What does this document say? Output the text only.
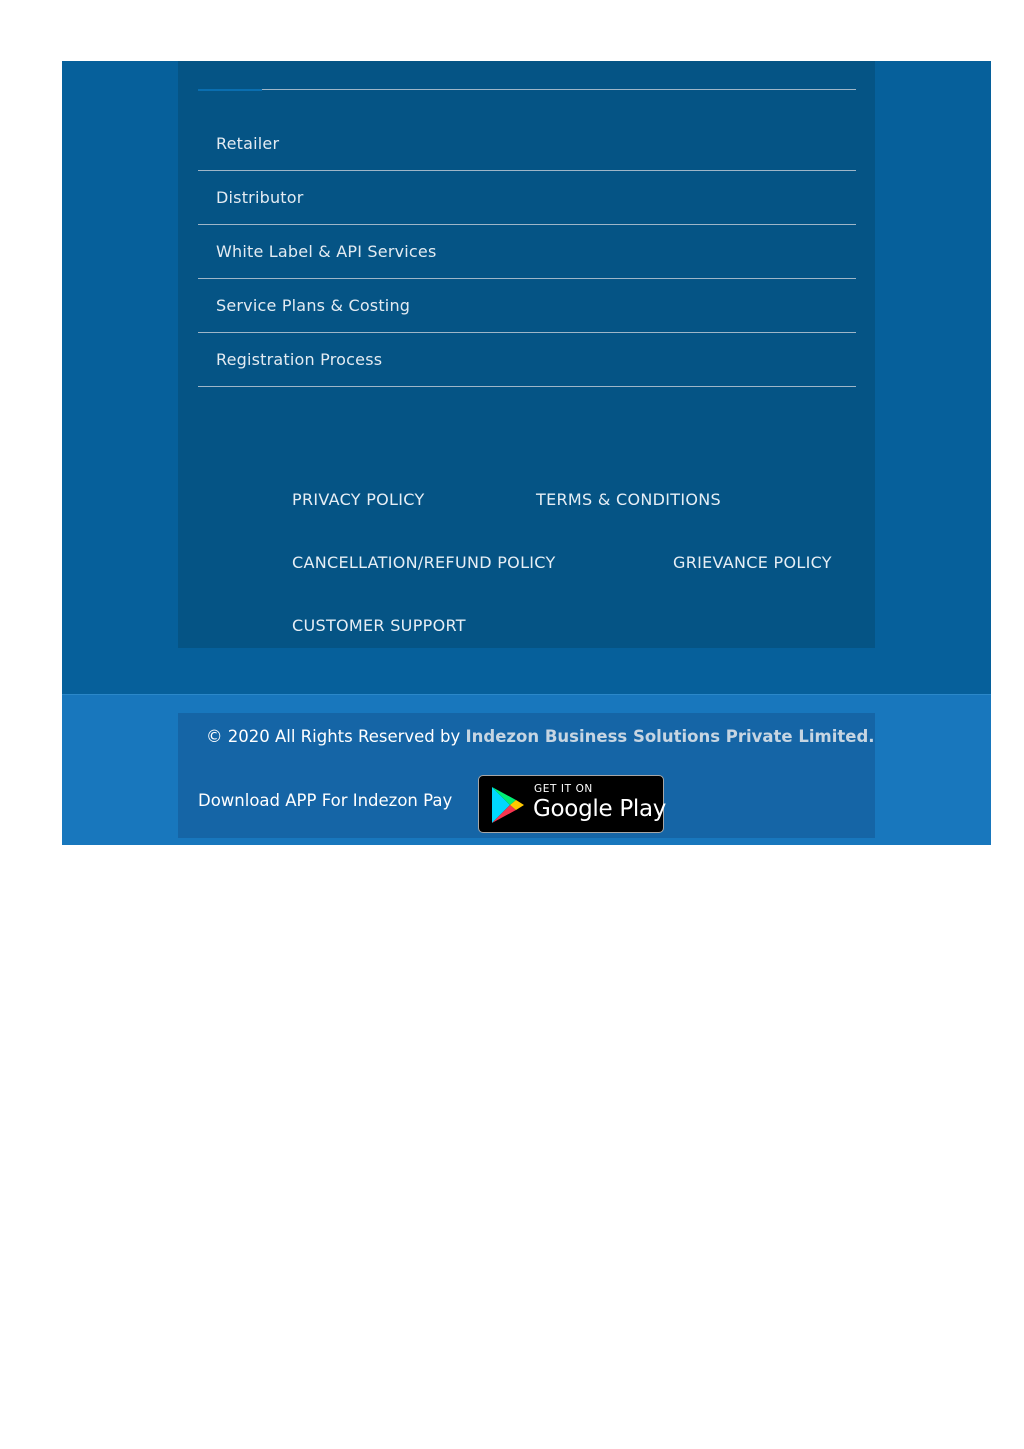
Retailer
Distributor
White Label & API Services
Service Plans & Costing
Registration Process
PRIVACY POLICY	TERMS & CONDITIONS
CANCELLATION/REFUND POLICY	GRIEVANCE POLICY
CUSTOMER SUPPORT
© 2020 All Rights Reserved by Indezon Business Solutions Private Limited.
Download APP For Indezon Pay
GET IT ON
Google Play
